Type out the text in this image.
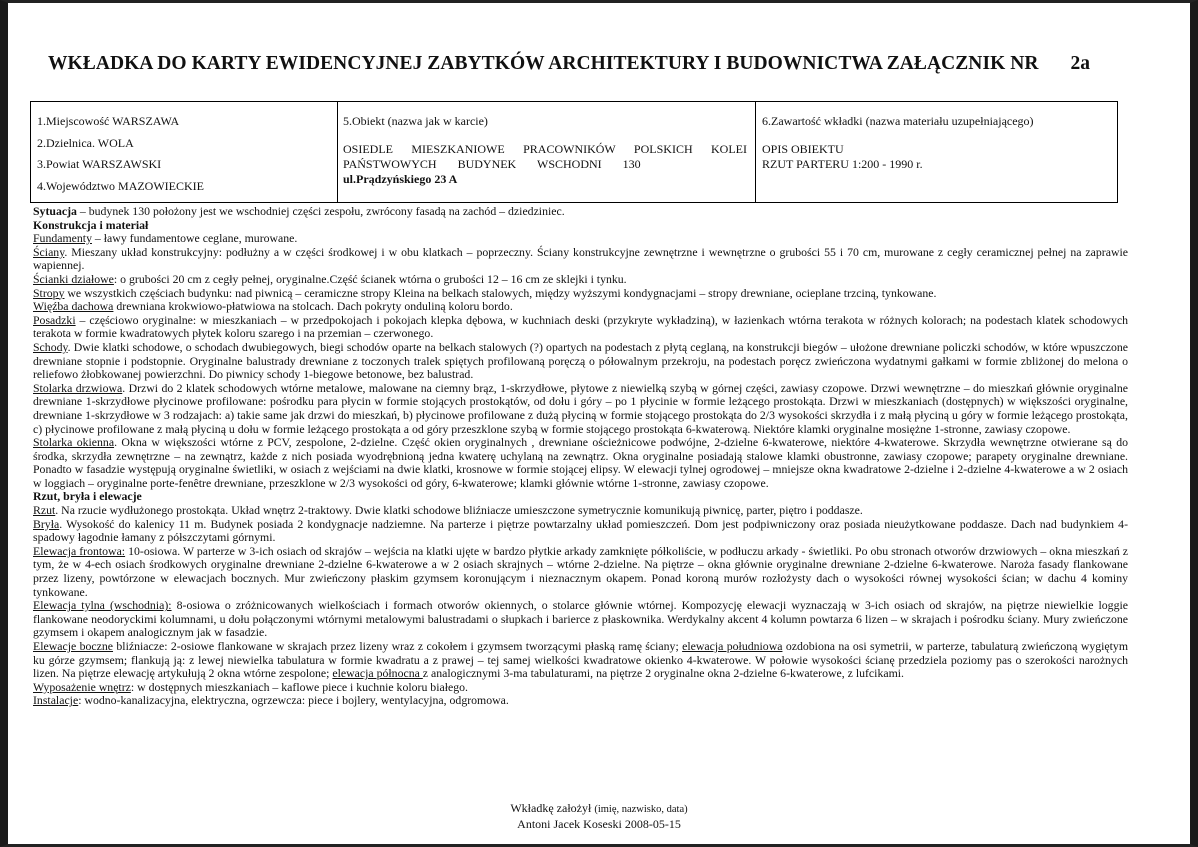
WKŁADKA DO KARTY EWIDENCYJNEJ ZABYTKÓW ARCHITEKTURY I BUDOWNICTWA ZAŁĄCZNIK NR 2a
1.Miejscowość WARSZAWA
2.Dzielnica. WOLA
3.Powiat WARSZAWSKI
4.Województwo MAZOWIECKIE
5.Obiekt (nazwa jak w karcie)
OSIEDLE MIESZKANIOWE PRACOWNIKÓW POLSKICH KOLEI
PAŃSTWOWYCH BUDYNEK WSCHODNI 130
ul.Prądzyńskiego 23 A
6.Zawartość wkładki (nazwa materiału uzupełniającego)
OPIS OBIEKTU
RZUT PARTERU 1:200 - 1990 r.

Sytuacja – budynek 130 położony jest we wschodniej części zespołu, zwrócony fasadą na zachód – dziedziniec.

Konstrukcja i materiał

Fundamenty – ławy fundamentowe ceglane, murowane.

Ściany. Mieszany układ konstrukcyjny: podłużny a w części środkowej i w obu klatkach – poprzeczny. Ściany konstrukcyjne zewnętrzne i wewnętrzne o grubości 55 i 70 cm, murowane z cegły ceramicznej pełnej na zaprawie wapiennej.

Ścianki działowe: o grubości 20 cm z cegły pełnej, oryginalne.Część ścianek wtórna o grubości 12 – 16 cm ze sklejki i tynku.

Stropy we wszystkich częściach budynku: nad piwnicą – ceramiczne stropy Kleina na belkach stalowych, między wyższymi kondygnacjami – stropy drewniane, ocieplane trzciną, tynkowane.

Więźba dachowa drewniana krokwiowo-płatwiowa na stolcach. Dach pokryty onduliną koloru bordo.

Posadzki – częściowo oryginalne: w mieszkaniach – w przedpokojach i pokojach klepka dębowa, w kuchniach deski (przykryte wykładziną), w łazienkach wtórna terakota w różnych kolorach; na podestach klatek schodowych terakota w formie kwadratowych płytek koloru szarego i na przemian – czerwonego.

Schody. Dwie klatki schodowe, o schodach dwubiegowych, biegi schodów oparte na belkach stalowych (?) opartych na podestach z płytą ceglaną, na konstrukcji biegów – ułożone drewniane policzki schodów, w które wpuszczone drewniane stopnie i podstopnie. Oryginalne balustrady drewniane z toczonych tralek spiętych profilowaną poręczą o półowalnym przekroju, na podestach poręcz zwieńczona wydatnymi gałkami w formie zbliżonej do melona o reliefowo żłobkowanej powierzchni. Do piwnicy schody 1-biegowe betonowe, bez balustrad.

Stolarka drzwiowa. Drzwi do 2 klatek schodowych wtórne metalowe, malowane na ciemny brąz, 1-skrzydłowe, płytowe z niewielką szybą w górnej części, zawiasy czopowe. Drzwi wewnętrzne – do mieszkań głównie oryginalne drewniane 1-skrzydłowe płycinowe profilowane: pośrodku para płycin w formie stojących prostokątów, od dołu i góry – po 1 płycinie w formie leżącego prostokąta. Drzwi w mieszkaniach (dostępnych) w większości oryginalne, drewniane 1-skrzydłowe w 3 rodzajach: a) takie same jak drzwi do mieszkań, b) płycinowe profilowane z dużą płyciną w formie stojącego prostokąta do 2/3 wysokości skrzydła i z małą płyciną u góry w formie leżącego prostokąta, c) płycinowe profilowane z małą płyciną u dołu w formie leżącego prostokąta a od góry przeszklone szybą w formie stojącego prostokąta 6-kwaterową. Niektóre klamki oryginalne mosiężne 1-stronne, zawiasy czopowe.

Stolarka okienna. Okna w większości wtórne z PCV, zespolone, 2-dzielne. Część okien oryginalnych , drewniane ościeżnicowe podwójne, 2-dzielne 6-kwaterowe, niektóre 4-kwaterowe. Skrzydła wewnętrzne otwierane są do środka, skrzydła zewnętrzne – na zewnątrz, każde z nich posiada wyodrębnioną jedna kwaterę uchylaną na zewnątrz. Okna oryginalne posiadają stalowe klamki obustronne, zawiasy czopowe; parapety oryginalne drewniane. Ponadto w fasadzie występują oryginalne świetliki, w osiach z wejściami na dwie klatki, krosnowe w formie stojącej elipsy. W elewacji tylnej ogrodowej – mniejsze okna kwadratowe 2-dzielne i 2-dzielne 4-kwaterowe a w 2 osiach w loggiach – oryginalne porte-fenêtre drewniane, przeszklone w 2/3 wysokości od góry, 6-kwaterowe; klamki głównie wtórne 1-stronne, zawiasy czopowe.

Rzut, bryła i elewacje

Rzut. Na rzucie wydłużonego prostokąta. Układ wnętrz 2-traktowy. Dwie klatki schodowe bliźniacze umieszczone symetrycznie komunikują piwnicę, parter, piętro i poddasze.

Bryła. Wysokość do kalenicy 11 m. Budynek posiada 2 kondygnacje nadziemne. Na parterze i piętrze powtarzalny układ pomieszczeń. Dom jest podpiwniczony oraz posiada nieużytkowane poddasze. Dach nad budynkiem 4-spadowy łagodnie łamany z półszczytami górnymi.

Elewacja frontowa: 10-osiowa. W parterze w 3-ich osiach od skrajów – wejścia na klatki ujęte w bardzo płytkie arkady zamknięte półkoliście, w podłuczu arkady - świetliki. Po obu stronach otworów drzwiowych – okna mieszkań z tym, że w 4-ech osiach środkowych oryginalne drewniane 2-dzielne 6-kwaterowe a w 2 osiach skrajnych – wtórne 2-dzielne. Na piętrze – okna głównie oryginalne drewniane 2-dzielne 6-kwaterowe. Naroża fasady flankowane przez lizeny, powtórzone w elewacjach bocznych. Mur zwieńczony płaskim gzymsem koronującym i nieznacznym okapem. Ponad koroną murów rozłożysty dach o wysokości równej wysokości ścian; w dachu 4 kominy tynkowane.

Elewacja tylna (wschodnia): 8-osiowa o zróżnicowanych wielkościach i formach otworów okiennych, o stolarce głównie wtórnej. Kompozycję elewacji wyznaczają w 3-ich osiach od skrajów, na piętrze niewielkie loggie flankowane neodoryckimi kolumnami, u dołu połączonymi wtórnymi metalowymi balustradami o słupkach i barierce z płaskownika. Werdykalny akcent 4 kolumn powtarza 6 lizen – w skrajach i pośrodku ściany. Mury zwieńczone gzymsem i okapem analogicznym jak w fasadzie.

Elewacje boczne bliźniacze: 2-osiowe flankowane w skrajach przez lizeny wraz z cokołem i gzymsem tworzącymi płaską ramę ściany; elewacja południowa ozdobiona na osi symetrii, w parterze, tabulaturą zwieńczoną wygiętym ku górze gzymsem; flankują ją: z lewej niewielka tabulatura w formie kwadratu a z prawej – tej samej wielkości kwadratowe okienko 4-kwaterowe. W połowie wysokości ścianę przedziela poziomy pas o szerokości narożnych lizen. Na piętrze elewację artykułują 2 okna wtórne zespolone; elewacja północna z analogicznymi 3-ma tabulaturami, na piętrze 2 oryginalne okna 2-dzielne 6-kwaterowe, z lufcikami.

Wyposażenie wnętrz: w dostępnych mieszkaniach – kaflowe piece i kuchnie koloru białego.

Instalacje: wodno-kanalizacyjna, elektryczna, ogrzewcza: piece i bojlery, wentylacyjna, odgromowa.

Wkładkę założył (imię, nazwisko, data)
Antoni Jacek Koseski 2008-05-15
